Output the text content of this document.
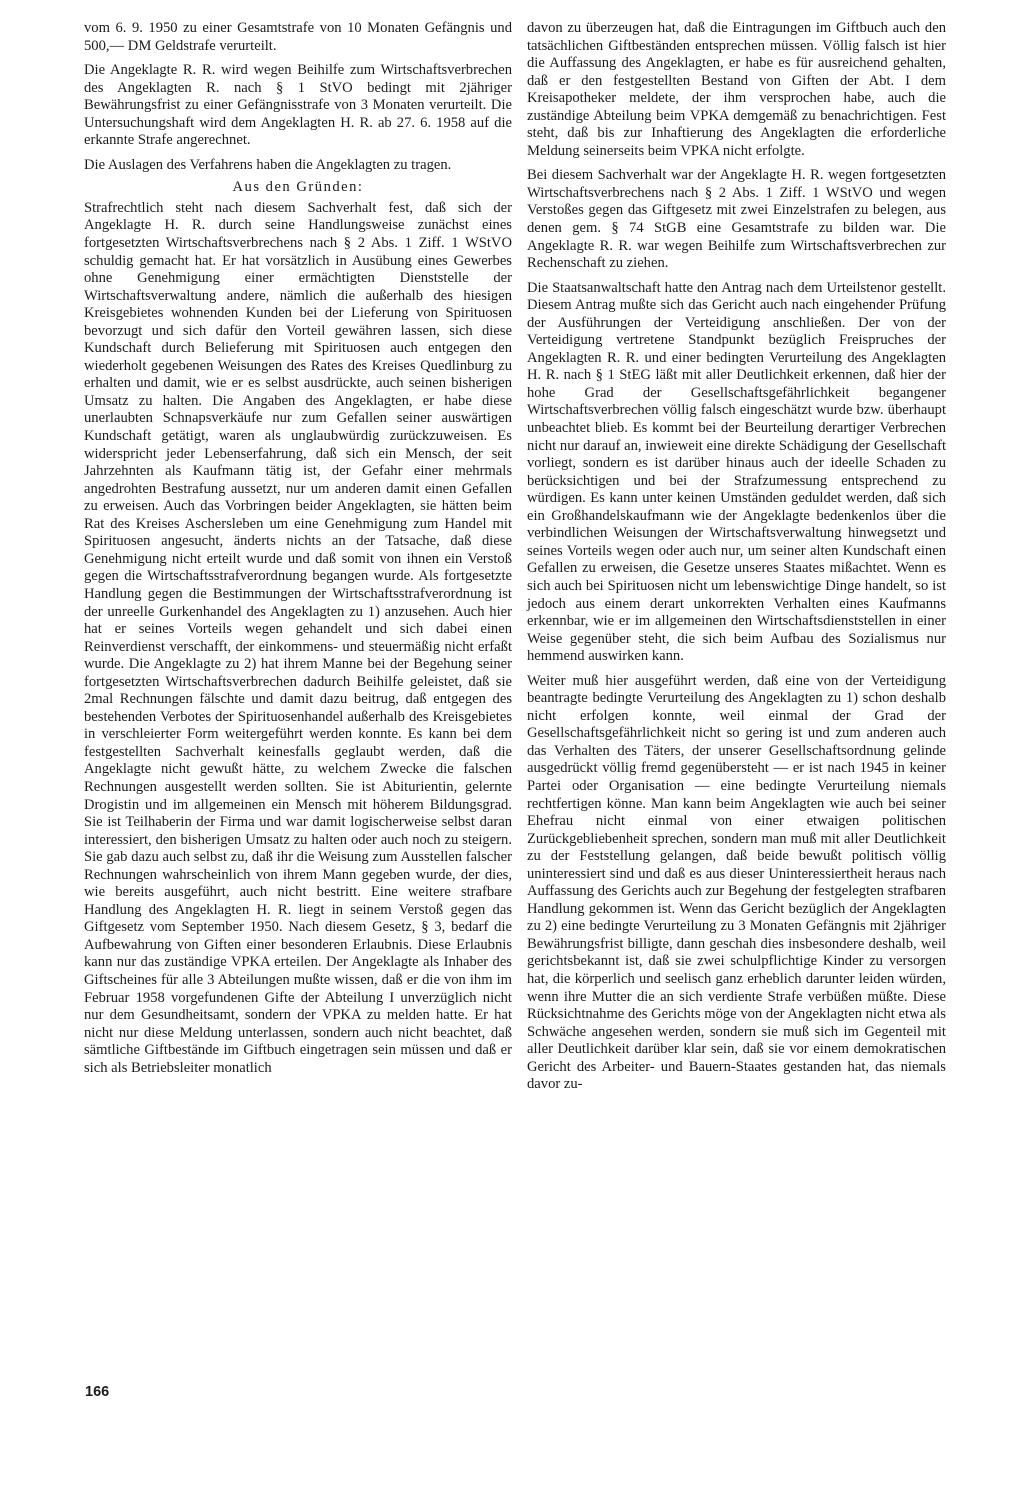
vom 6. 9. 1950 zu einer Gesamtstrafe von 10 Monaten Gefängnis und 500,— DM Geldstrafe verurteilt.

Die Angeklagte R. R. wird wegen Beihilfe zum Wirtschaftsverbrechen des Angeklagten R. nach § 1 StVO bedingt mit 2jähriger Bewährungsfrist zu einer Gefängnisstrafe von 3 Monaten verurteilt. Die Untersuchungshaft wird dem Angeklagten H. R. ab 27. 6. 1958 auf die erkannte Strafe angerechnet.

Die Auslagen des Verfahrens haben die Angeklagten zu tragen.

Aus den Gründen:

Strafrechtlich steht nach diesem Sachverhalt fest, daß sich der Angeklagte H. R. durch seine Handlungsweise zunächst eines fortgesetzten Wirtschaftsverbrechens nach § 2 Abs. 1 Ziff. 1 WStVO schuldig gemacht hat. Er hat vorsätzlich in Ausübung eines Gewerbes ohne Genehmigung einer ermächtigten Dienststelle der Wirtschaftsverwaltung andere, nämlich die außerhalb des hiesigen Kreisgebietes wohnenden Kunden bei der Lieferung von Spirituosen bevorzugt und sich dafür den Vorteil gewähren lassen, sich diese Kundschaft durch Belieferung mit Spirituosen auch entgegen den wiederholt gegebenen Weisungen des Rates des Kreises Quedlinburg zu erhalten und damit, wie er es selbst ausdrückte, auch seinen bisherigen Umsatz zu halten. Die Angaben des Angeklagten, er habe diese unerlaubten Schnapsverkäufe nur zum Gefallen seiner auswärtigen Kundschaft getätigt, waren als unglaubwürdig zurückzuweisen. Es widerspricht jeder Lebenserfahrung, daß sich ein Mensch, der seit Jahrzehnten als Kaufmann tätig ist, der Gefahr einer mehrmals angedrohten Bestrafung aussetzt, nur um anderen damit einen Gefallen zu erweisen. Auch das Vorbringen beider Angeklagten, sie hätten beim Rat des Kreises Aschersleben um eine Genehmigung zum Handel mit Spirituosen angesucht, änderts nichts an der Tatsache, daß diese Genehmigung nicht erteilt wurde und daß somit von ihnen ein Verstoß gegen die Wirtschaftsstrafverordnung begangen wurde. Als fortgesetzte Handlung gegen die Bestimmungen der Wirtschaftsstrafverordnung ist der unreelle Gurkenhandel des Angeklagten zu 1) anzusehen. Auch hier hat er seines Vorteils wegen gehandelt und sich dabei einen Reinverdienst verschafft, der einkommens- und steuermäßig nicht erfaßt wurde. Die Angeklagte zu 2) hat ihrem Manne bei der Begehung seiner fortgesetzten Wirtschaftsverbrechen dadurch Beihilfe geleistet, daß sie 2mal Rechnungen fälschte und damit dazu beitrug, daß entgegen des bestehenden Verbotes der Spirituosenhandel außerhalb des Kreisgebietes in verschleierter Form weitergeführt werden konnte. Es kann bei dem festgestellten Sachverhalt keinesfalls geglaubt werden, daß die Angeklagte nicht gewußt hätte, zu welchem Zwecke die falschen Rechnungen ausgestellt werden sollten. Sie ist Abiturientin, gelernte Drogistin und im allgemeinen ein Mensch mit höherem Bildungsgrad. Sie ist Teilhaberin der Firma und war damit logischerweise selbst daran interessiert, den bisherigen Umsatz zu halten oder auch noch zu steigern. Sie gab dazu auch selbst zu, daß ihr die Weisung zum Ausstellen falscher Rechnungen wahrscheinlich von ihrem Mann gegeben wurde, der dies, wie bereits ausgeführt, auch nicht bestritt. Eine weitere strafbare Handlung des Angeklagten H. R. liegt in seinem Verstoß gegen das Giftgesetz vom September 1950. Nach diesem Gesetz, § 3, bedarf die Aufbewahrung von Giften einer besonderen Erlaubnis. Diese Erlaubnis kann nur das zuständige VPKA erteilen. Der Angeklagte als Inhaber des Giftscheines für alle 3 Abteilungen mußte wissen, daß er die von ihm im Februar 1958 vorgefundenen Gifte der Abteilung I unverzüglich nicht nur dem Gesundheitsamt, sondern der VPKA zu melden hatte. Er hat nicht nur diese Meldung unterlassen, sondern auch nicht beachtet, daß sämtliche Giftbestände im Giftbuch eingetragen sein müssen und daß er sich als Betriebsleiter monatlich

davon zu überzeugen hat, daß die Eintragungen im Giftbuch auch den tatsächlichen Giftbeständen entsprechen müssen. Völlig falsch ist hier die Auffassung des Angeklagten, er habe es für ausreichend gehalten, daß er den festgestellten Bestand von Giften der Abt. I dem Kreisapotheker meldete, der ihm versprochen habe, auch die zuständige Abteilung beim VPKA demgemäß zu benachrichtigen. Fest steht, daß bis zur Inhaftierung des Angeklagten die erforderliche Meldung seinerseits beim VPKA nicht erfolgte.

Bei diesem Sachverhalt war der Angeklagte H. R. wegen fortgesetzten Wirtschaftsverbrechens nach § 2 Abs. 1 Ziff. 1 WStVO und wegen Verstoßes gegen das Giftgesetz mit zwei Einzelstrafen zu belegen, aus denen gem. § 74 StGB eine Gesamtstrafe zu bilden war. Die Angeklagte R. R. war wegen Beihilfe zum Wirtschaftsverbrechen zur Rechenschaft zu ziehen.

Die Staatsanwaltschaft hatte den Antrag nach dem Urteilstenor gestellt. Diesem Antrag mußte sich das Gericht auch nach eingehender Prüfung der Ausführungen der Verteidigung anschließen. Der von der Verteidigung vertretene Standpunkt bezüglich Freispruches der Angeklagten R. R. und einer bedingten Verurteilung des Angeklagten H. R. nach § 1 StEG läßt mit aller Deutlichkeit erkennen, daß hier der hohe Grad der Gesellschaftsgefährlichkeit begangener Wirtschaftsverbrechen völlig falsch eingeschätzt wurde bzw. überhaupt unbeachtet blieb. Es kommt bei der Beurteilung derartiger Verbrechen nicht nur darauf an, inwieweit eine direkte Schädigung der Gesellschaft vorliegt, sondern es ist darüber hinaus auch der ideelle Schaden zu berücksichtigen und bei der Strafzumessung entsprechend zu würdigen. Es kann unter keinen Umständen geduldet werden, daß sich ein Großhandelskaufmann wie der Angeklagte bedenkenlos über die verbindlichen Weisungen der Wirtschaftsverwaltung hinwegsetzt und seines Vorteils wegen oder auch nur, um seiner alten Kundschaft einen Gefallen zu erweisen, die Gesetze unseres Staates mißachtet. Wenn es sich auch bei Spirituosen nicht um lebenswichtige Dinge handelt, so ist jedoch aus einem derart unkorrekten Verhalten eines Kaufmanns erkennbar, wie er im allgemeinen den Wirtschaftsdienststellen in einer Weise gegenüber steht, die sich beim Aufbau des Sozialismus nur hemmend auswirken kann.

Weiter muß hier ausgeführt werden, daß eine von der Verteidigung beantragte bedingte Verurteilung des Angeklagten zu 1) schon deshalb nicht erfolgen konnte, weil einmal der Grad der Gesellschaftsgefährlichkeit nicht so gering ist und zum anderen auch das Verhalten des Täters, der unserer Gesellschaftsordnung gelinde ausgedrückt völlig fremd gegenübersteht — er ist nach 1945 in keiner Partei oder Organisation — eine bedingte Verurteilung niemals rechtfertigen könne. Man kann beim Angeklagten wie auch bei seiner Ehefrau nicht einmal von einer etwaigen politischen Zurückgebliebenheit sprechen, sondern man muß mit aller Deutlichkeit zu der Feststellung gelangen, daß beide bewußt politisch völlig uninteressiert sind und daß es aus dieser Uninteressiertheit heraus nach Auffassung des Gerichts auch zur Begehung der festgelegten strafbaren Handlung gekommen ist. Wenn das Gericht bezüglich der Angeklagten zu 2) eine bedingte Verurteilung zu 3 Monaten Gefängnis mit 2jähriger Bewährungsfrist billigte, dann geschah dies insbesondere deshalb, weil gerichtsbekannt ist, daß sie zwei schulpflichtige Kinder zu versorgen hat, die körperlich und seelisch ganz erheblich darunter leiden würden, wenn ihre Mutter die an sich verdiente Strafe verbüßen müßte. Diese Rücksichtnahme des Gerichts möge von der Angeklagten nicht etwa als Schwäche angesehen werden, sondern sie muß sich im Gegenteil mit aller Deutlichkeit darüber klar sein, daß sie vor einem demokratischen Gericht des Arbeiter- und Bauern-Staates gestanden hat, das niemals davor zu-

166
